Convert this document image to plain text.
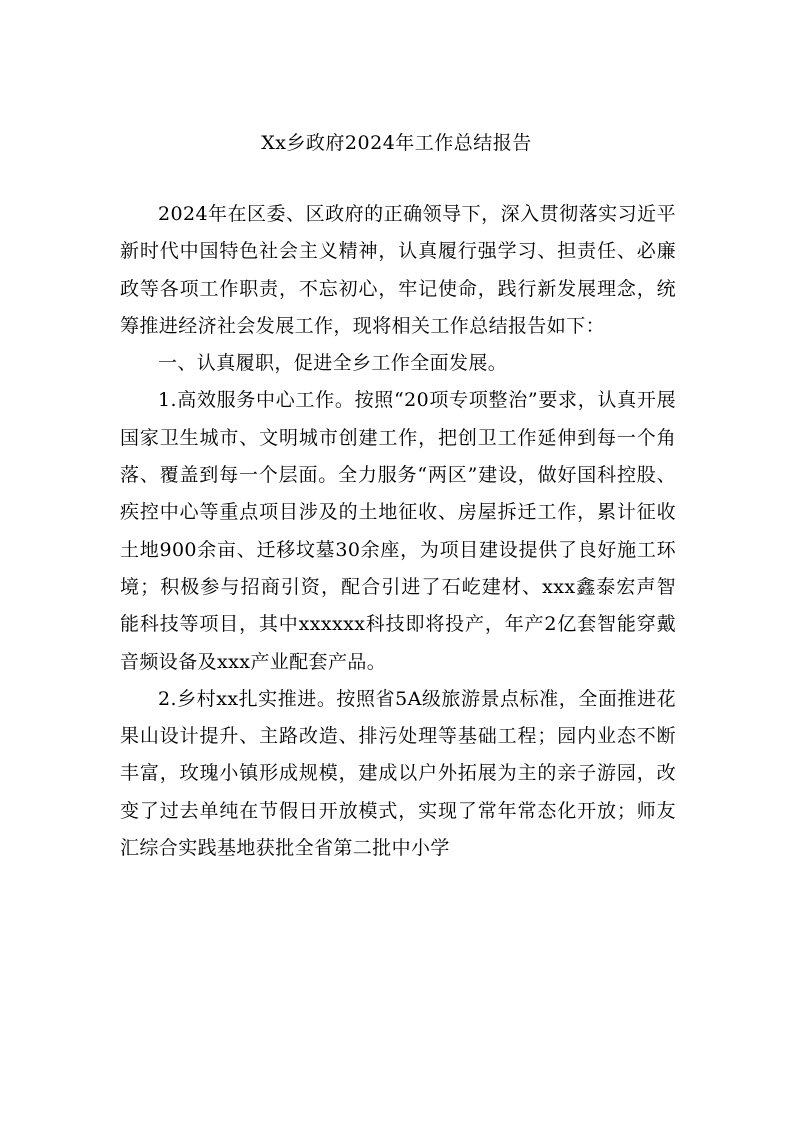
Xx乡政府2024年工作总结报告

2024年在区委、区政府的正确领导下，深入贯彻落实习近平新时代中国特色社会主义精神，认真履行强学习、担责任、必廉政等各项工作职责，不忘初心，牢记使命，践行新发展理念，统筹推进经济社会发展工作，现将相关工作总结报告如下：

一、认真履职，促进全乡工作全面发展。

1.高效服务中心工作。按照“20项专项整治”要求，认真开展国家卫生城市、文明城市创建工作，把创卫工作延伸到每一个角落、覆盖到每一个层面。全力服务“两区”建设，做好国科控股、疾控中心等重点项目涉及的土地征收、房屋拆迁工作，累计征收土地900余亩、迁移坟墓30余座，为项目建设提供了良好施工环境；积极参与招商引资，配合引进了石屹建材、xxx鑫泰宏声智能科技等项目，其中xxxxxx科技即将投产，年产2亿套智能穿戴音频设备及xxx产业配套产品。

2.乡村xx扎实推进。按照省5A级旅游景点标准，全面推进花果山设计提升、主路改造、排污处理等基础工程；园内业态不断丰富，玫瑰小镇形成规模，建成以户外拓展为主的亲子游园，改变了过去单纯在节假日开放模式，实现了常年常态化开放；师友汇综合实践基地获批全省第二批中小学
